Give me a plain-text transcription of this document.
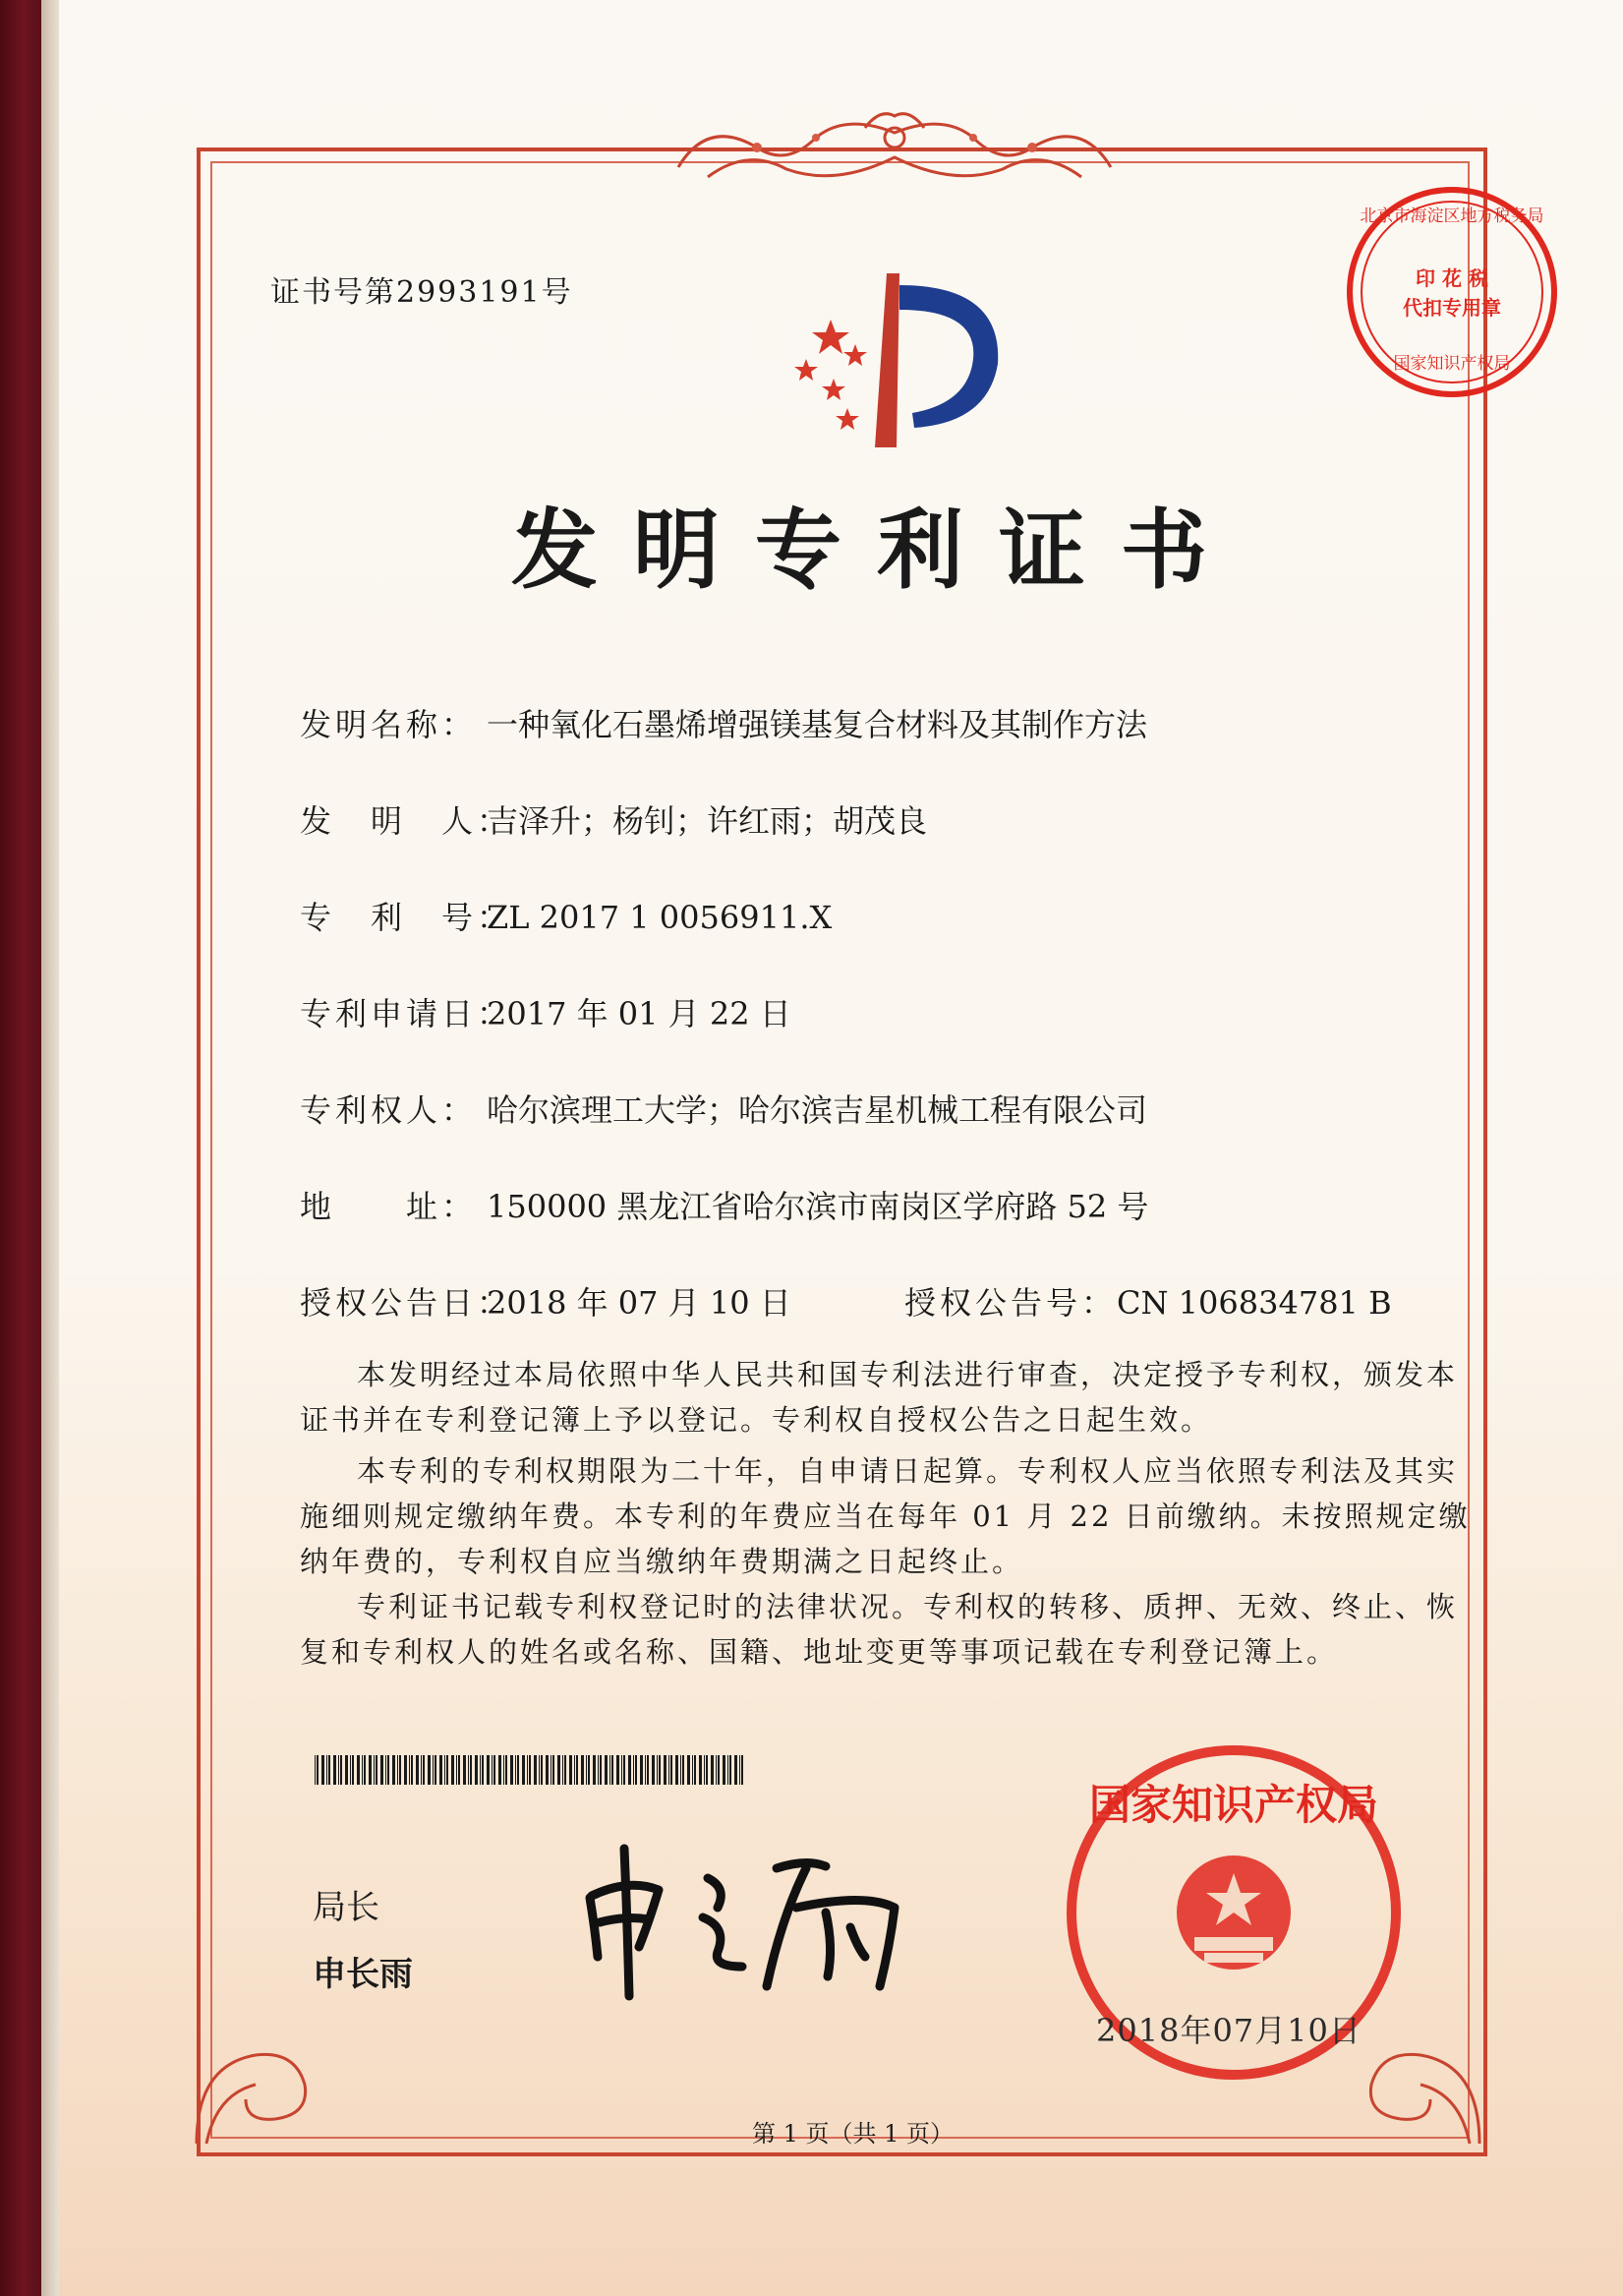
证书号第2993191号
北京市海淀区地方税务局
印 花 税
代扣专用章
国家知识产权局
发明专利证书
发明名称： 一种氧化石墨烯增强镁基复合材料及其制作方法
发　明　人：吉泽升；杨钊；许红雨；胡茂良
专　利　号：ZL 2017 1 0056911.X
专利申请日：2017 年 01 月 22 日
专利权人： 哈尔滨理工大学；哈尔滨吉星机械工程有限公司
地　　址： 150000 黑龙江省哈尔滨市南岗区学府路 52 号
授权公告日：2018 年 07 月 10 日	授权公告号：CN 106834781 B
本发明经过本局依照中华人民共和国专利法进行审查，决定授予专利权，颁发本证书并在专利登记簿上予以登记。专利权自授权公告之日起生效。
本专利的专利权期限为二十年，自申请日起算。专利权人应当依照专利法及其实施细则规定缴纳年费。本专利的年费应当在每年 01 月 22 日前缴纳。未按照规定缴纳年费的，专利权自应当缴纳年费期满之日起终止。
专利证书记载专利权登记时的法律状况。专利权的转移、质押、无效、终止、恢复和专利权人的姓名或名称、国籍、地址变更等事项记载在专利登记簿上。
局长
申长雨
国家知识产权局
2018年07月10日
第 1 页（共 1 页）
